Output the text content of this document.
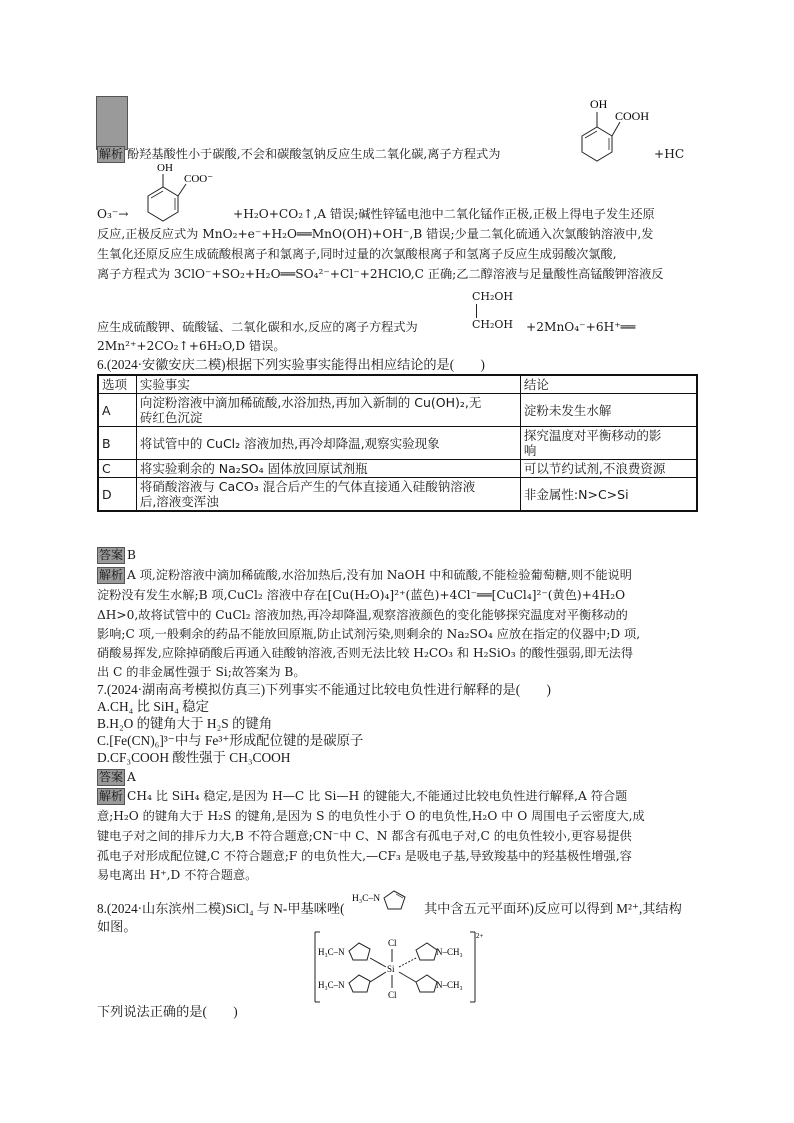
解析 酚羟基酸性小于碳酸,不会和碳酸氢钠反应生成二氧化碳,离子方程式为	+HC
OH
COOH
OH
COO⁻
O₃⁻→	+H₂O+CO₂↑,A 错误;碱性锌锰电池中二氧化锰作正极,正极上得电子发生还原
反应,正极反应式为 MnO₂+e⁻+H₂O══MnO(OH)+OH⁻,B 错误;少量二氧化硫通入次氯酸钠溶液中,发
生氧化还原反应生成硫酸根离子和氯离子,同时过量的次氯酸根离子和氢离子反应生成弱酸次氯酸,
离子方程式为 3ClO⁻+SO₂+H₂O══SO₄²⁻+Cl⁻+2HClO,C 正确;乙二醇溶液与足量酸性高锰酸钾溶液反
CH₂OH
CH₂OH
应生成硫酸钾、硫酸锰、二氧化碳和水,反应的离子方程式为	+2MnO₄⁻+6H⁺══
2Mn²⁺+2CO₂↑+6H₂O,D 错误。
6.(2024·安徽安庆二模)根据下列实验事实能得出相应结论的是(　　)
选项	实验事实	结论
A	向淀粉溶液中滴加稀硫酸,水浴加热,再加入新制的 Cu(OH)₂,无
砖红色沉淀	淀粉未发生水解
B	将试管中的 CuCl₂ 溶液加热,再冷却降温,观察实验现象	探究温度对平衡移动的影
响
C	将实验剩余的 Na₂SO₄ 固体放回原试剂瓶	可以节约试剂,不浪费资源
D	将硝酸溶液与 CaCO₃ 混合后产生的气体直接通入硅酸钠溶液
后,溶液变浑浊	非金属性:N>C>Si
答案 B
解析 A 项,淀粉溶液中滴加稀硫酸,水浴加热后,没有加 NaOH 中和硫酸,不能检验葡萄糖,则不能说明
淀粉没有发生水解;B 项,CuCl₂ 溶液中存在[Cu(H₂O)₄]²⁺(蓝色)+4Cl⁻══[CuCl₄]²⁻(黄色)+4H₂O
ΔH>0,故将试管中的 CuCl₂ 溶液加热,再冷却降温,观察溶液颜色的变化能够探究温度对平衡移动的
影响;C 项,一般剩余的药品不能放回原瓶,防止试剂污染,则剩余的 Na₂SO₄ 应放在指定的仪器中;D 项,
硝酸易挥发,应除掉硝酸后再通入硅酸钠溶液,否则无法比较 H₂CO₃ 和 H₂SiO₃ 的酸性强弱,即无法得
出 C 的非金属性强于 Si;故答案为 B。
7.(2024·湖南高考模拟仿真三)下列事实不能通过比较电负性进行解释的是(　　)
A.CH₄ 比 SiH₄ 稳定
B.H₂O 的键角大于 H₂S 的键角
C.[Fe(CN)₆]³⁻中与 Fe³⁺形成配位键的是碳原子
D.CF₃COOH 酸性强于 CH₃COOH
答案 A
解析 CH₄ 比 SiH₄ 稳定,是因为 H—C 比 Si—H 的键能大,不能通过比较电负性进行解释,A 符合题
意;H₂O 的键角大于 H₂S 的键角,是因为 S 的电负性小于 O 的电负性,H₂O 中 O 周围电子云密度大,成
键电子对之间的排斥力大,B 不符合题意;CN⁻中 C、N 都含有孤电子对,C 的电负性较小,更容易提供
孤电子对形成配位键,C 不符合题意;F 的电负性大,—CF₃ 是吸电子基,导致羧基中的羟基极性增强,容
易电离出 H⁺,D 不符合题意。
8.(2024·山东滨州二模)SiCl₄ 与 N-甲基咪唑(
H₃C–N
其中含五元平面环)反应可以得到 M²⁺,其结构
如图。
2+
H₃C–N
H₃C–N
Cl
Si
Cl
N–CH₃
N–CH₃
下列说法正确的是(　　)
